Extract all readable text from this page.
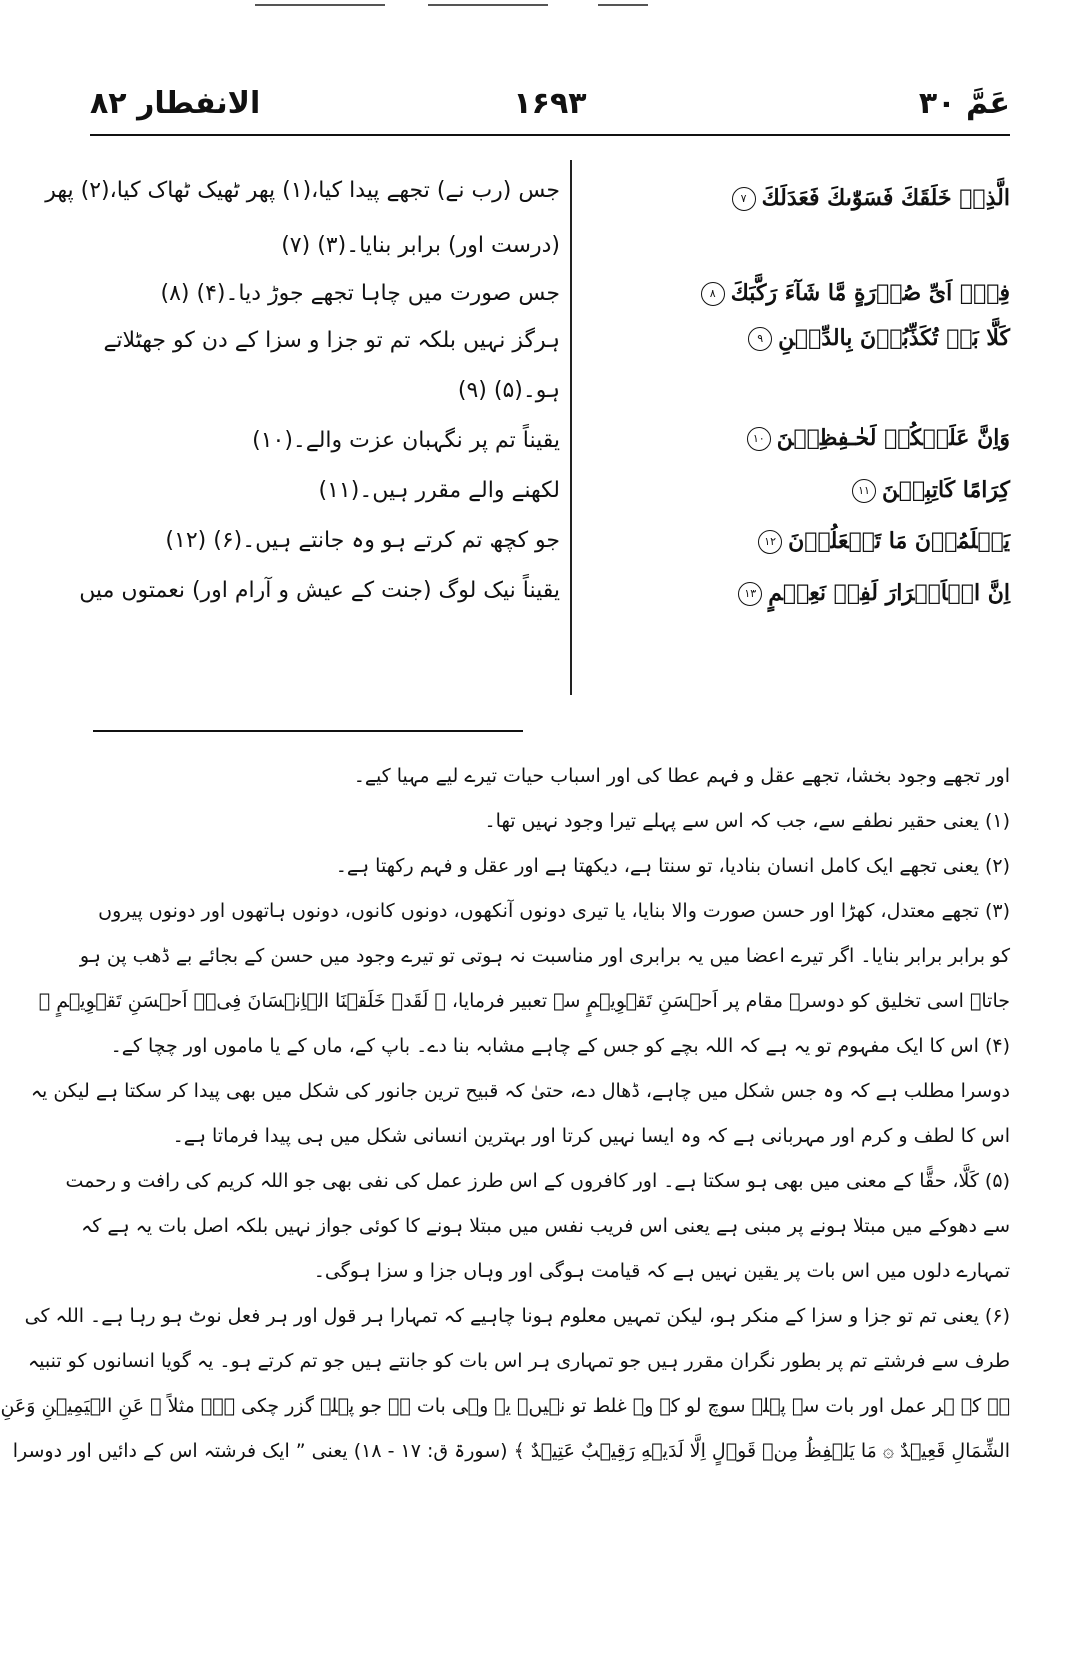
عَمَّ ٣٠
۱۶۹۳
الانفطار ٨٢
الَّذِىۡ خَلَقَكَ فَسَوّٰىكَ فَعَدَلَكَ٧
فِىۡۤ اَىِّ صُوۡرَةٍ مَّا شَآءَ رَكَّبَكَ٨
كَلَّا بَلۡ تُكَذِّبُوۡنَ بِالدِّيۡنِ٩
وَاِنَّ عَلَيۡكُمۡ لَحٰـفِظِيۡنَ١٠
كِرَامًا كَاتِبِيۡنَ١١
يَعۡلَمُوۡنَ مَا تَفۡعَلُوۡنَ١٢
اِنَّ الۡاَبۡرَارَ لَفِىۡ نَعِيۡمٍ١٣
جس (رب نے) تجھے پیدا کیا،(۱) پھر ٹھیک ٹھاک کیا،(۲) پھر
(درست اور) برابر بنایا۔(۳) (۷)
جس صورت میں چاہا تجھے جوڑ دیا۔(۴) (۸)
ہرگز نہیں بلکہ تم تو جزا و سزا کے دن کو جھٹلاتے
ہو۔(۵) (۹)
یقیناً تم پر نگہبان عزت والے۔(۱۰)
لکھنے والے مقرر ہیں۔(۱۱)
جو کچھ تم کرتے ہو وہ جانتے ہیں۔(۶) (۱۲)
یقیناً نیک لوگ (جنت کے عیش و آرام اور) نعمتوں میں
اور تجھے وجود بخشا، تجھے عقل و فہم عطا کی اور اسباب حیات تیرے لیے مہیا کیے۔
(۱) یعنی حقیر نطفے سے، جب کہ اس سے پہلے تیرا وجود نہیں تھا۔
(۲) یعنی تجھے ایک کامل انسان بنادیا، تو سنتا ہے، دیکھتا ہے اور عقل و فہم رکھتا ہے۔
(۳) تجھے معتدل، کھڑا اور حسن صورت والا بنایا، یا تیری دونوں آنکھوں، دونوں کانوں، دونوں ہاتھوں اور دونوں پیروں
کو برابر برابر بنایا۔ اگر تیرے اعضا میں یہ برابری اور مناسبت نہ ہوتی تو تیرے وجود میں حسن کے بجائے بے ڈھب پن ہو
جاتا۔ اسی تخلیق کو دوسرے مقام پر اَحۡسَنِ تَقۡوِيۡمٍ سے تعبیر فرمایا، ﴿ لَقَدۡ خَلَقۡنَا الۡاِنۡسَانَ فِىۡۤ اَحۡسَنِ تَقۡوِيۡمٍ ﴾
(۴) اس کا ایک مفہوم تو یہ ہے کہ اللہ بچے کو جس کے چاہے مشابہ بنا دے۔ باپ کے، ماں کے یا ماموں اور چچا کے۔
دوسرا مطلب ہے کہ وہ جس شکل میں چاہے، ڈھال دے، حتیٰ کہ قبیح ترین جانور کی شکل میں بھی پیدا کر سکتا ہے لیکن یہ
اس کا لطف و کرم اور مہربانی ہے کہ وہ ایسا نہیں کرتا اور بہترین انسانی شکل میں ہی پیدا فرماتا ہے۔
(۵) کَلَّا، حقًّا کے معنی میں بھی ہو سکتا ہے۔ اور کافروں کے اس طرز عمل کی نفی بھی جو اللہ کریم کی رافت و رحمت
سے دھوکے میں مبتلا ہونے پر مبنی ہے یعنی اس فریب نفس میں مبتلا ہونے کا کوئی جواز نہیں بلکہ اصل بات یہ ہے کہ
تمہارے دلوں میں اس بات پر یقین نہیں ہے کہ قیامت ہوگی اور وہاں جزا و سزا ہوگی۔
(۶) یعنی تم تو جزا و سزا کے منکر ہو، لیکن تمہیں معلوم ہونا چاہیے کہ تمہارا ہر قول اور ہر فعل نوٹ ہو رہا ہے۔ اللہ کی
طرف سے فرشتے تم پر بطور نگران مقرر ہیں جو تمہاری ہر اس بات کو جانتے ہیں جو تم کرتے ہو۔ یہ گویا انسانوں کو تنبیہ
ہے کہ ہر عمل اور بات سے پہلے سوچ لو کہ وہ غلط تو نہیں۔ یہ وہی بات ہے جو پہلے گزر چکی ہے۔ مثلاً ﴿ عَنِ الۡيَمِيۡنِ وَعَنِ
الشِّمَالِ قَعِيۡدٌ ۞ مَا يَلۡفِظُ مِنۡ قَوۡلٍ اِلَّا لَدَيۡهِ رَقِيۡبٌ عَتِيۡدٌ ﴾ (سورۃ ق: ۱۷ - ۱۸) یعنی ” ایک فرشتہ اس کے دائیں اور دوسرا
